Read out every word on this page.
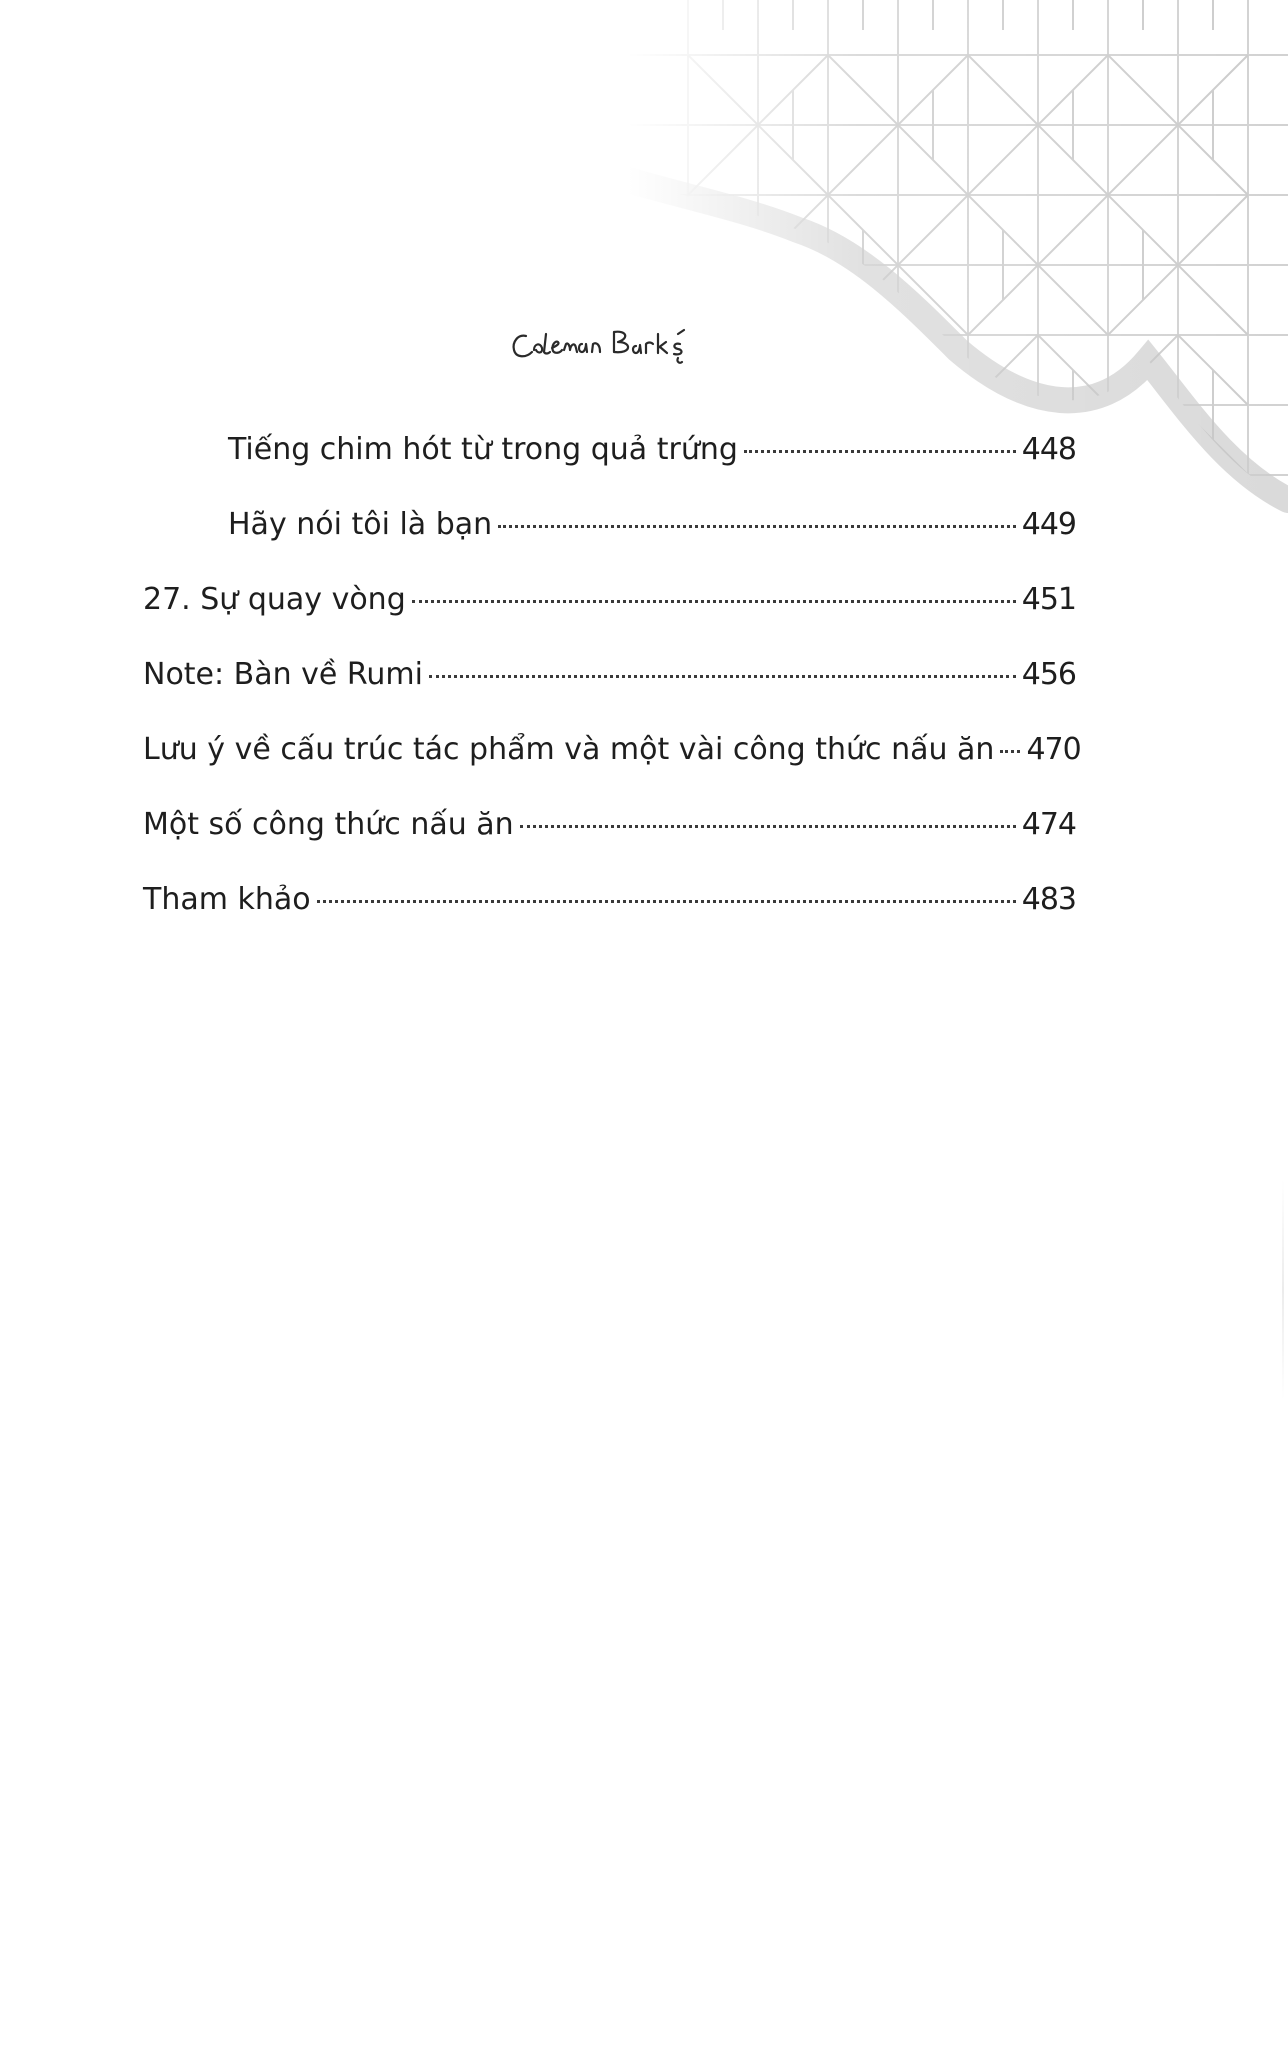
Tiếng chim hót từ trong quả trứng	448
Hãy nói tôi là bạn	449
27. Sự quay vòng	451
Note: Bàn về Rumi	456
Lưu ý về cấu trúc tác phẩm và một vài công thức nấu ăn 470
Một số công thức nấu ăn	474
Tham khảo	483
